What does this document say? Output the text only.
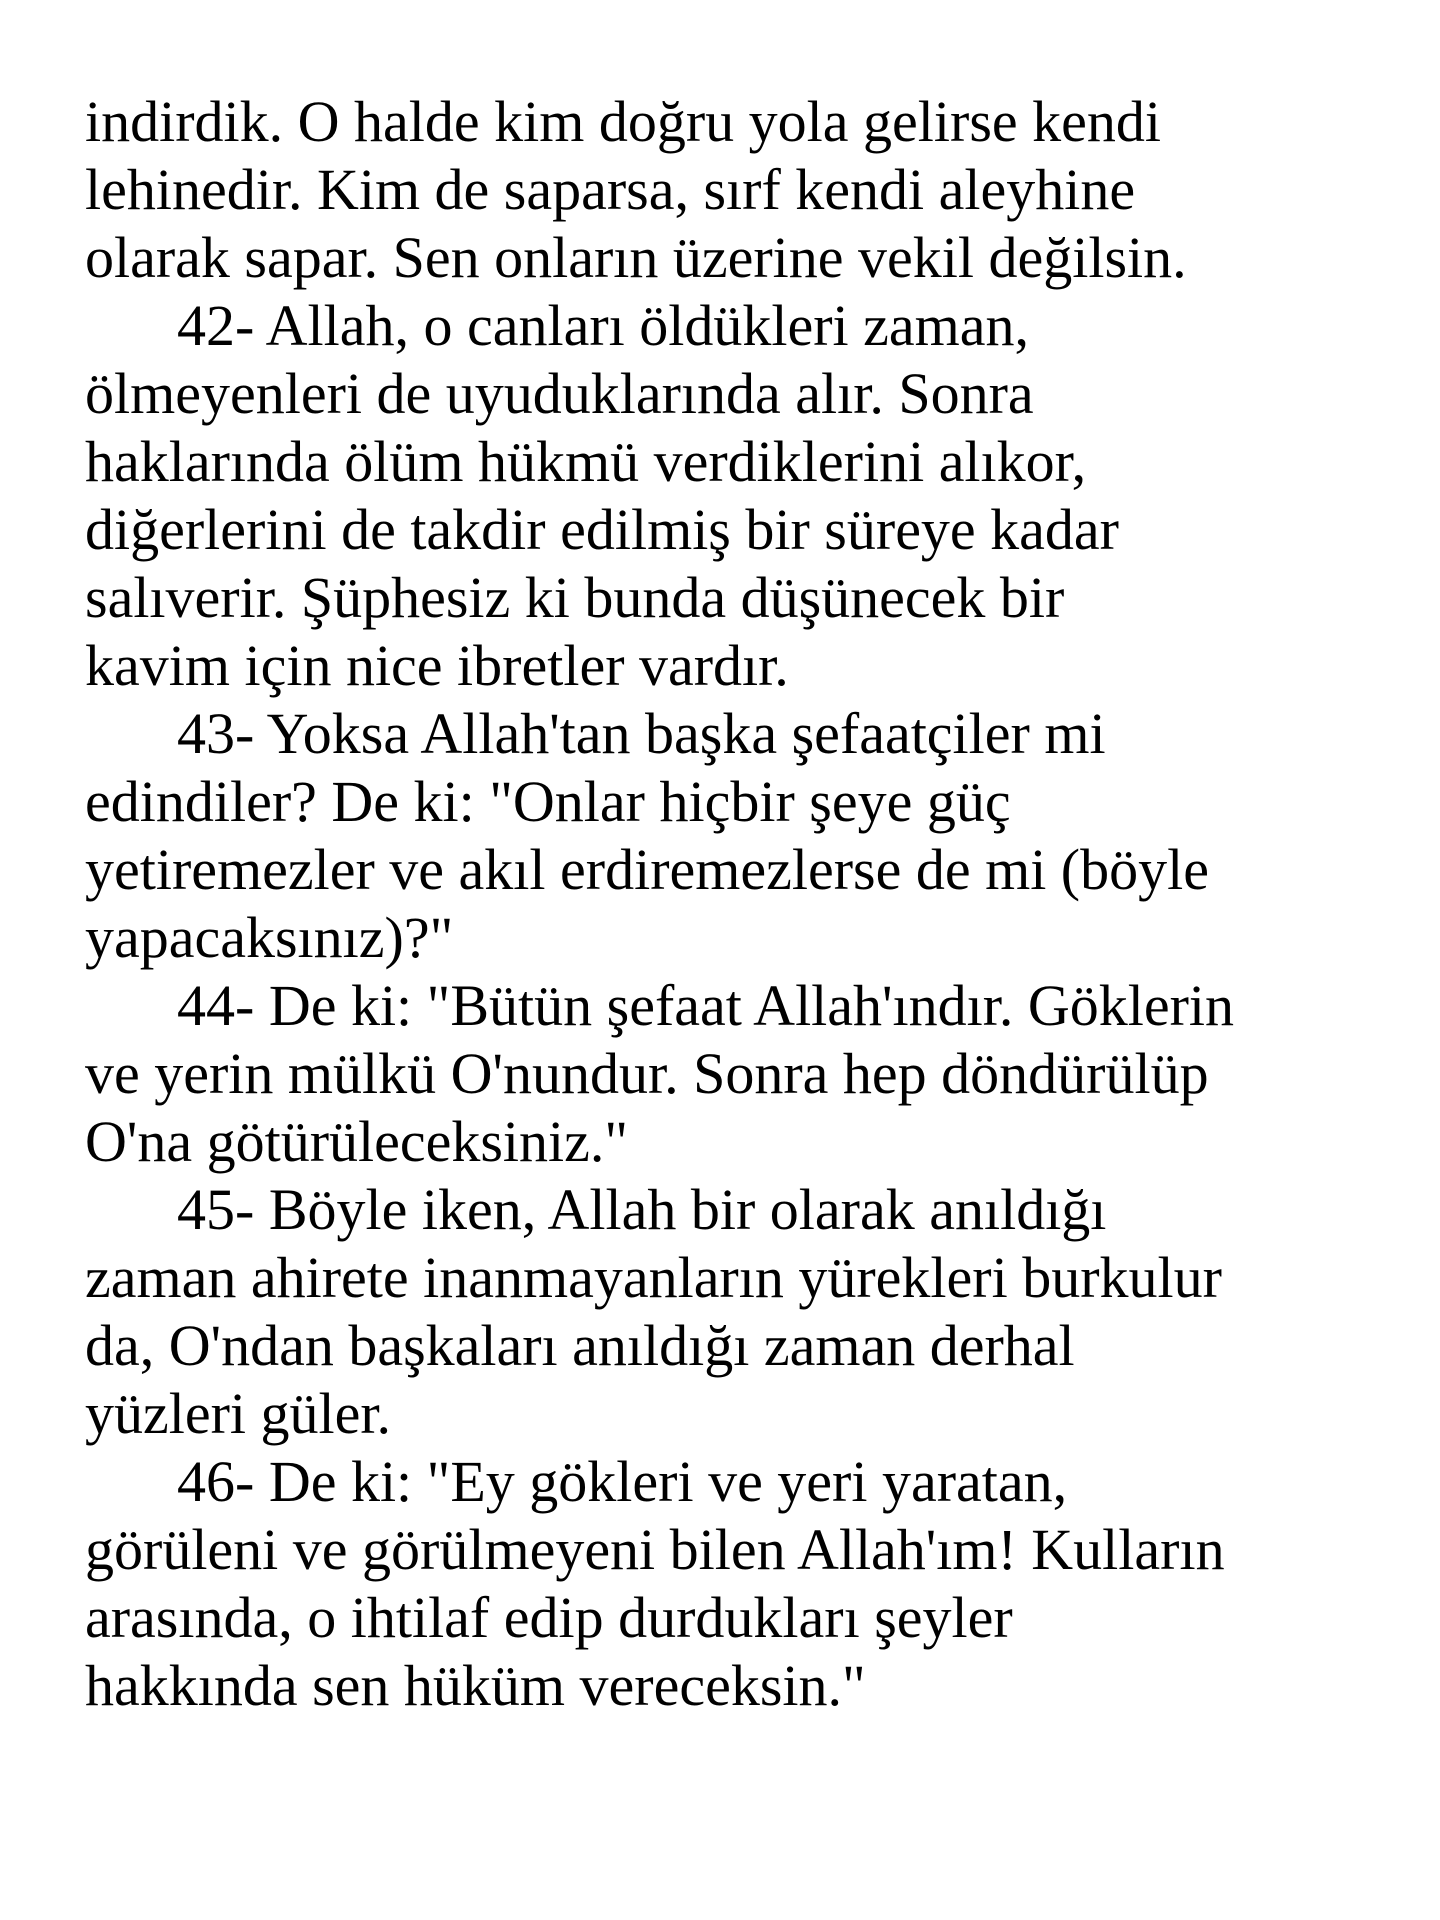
indirdik. O halde kim doğru yola gelirse kendi
lehinedir. Kim de saparsa, sırf kendi aleyhine
olarak sapar. Sen onların üzerine vekil değilsin.
42- Allah, o canları öldükleri zaman,
ölmeyenleri de uyuduklarında alır. Sonra
haklarında ölüm hükmü verdiklerini alıkor,
diğerlerini de takdir edilmiş bir süreye kadar
salıverir. Şüphesiz ki bunda düşünecek bir
kavim için nice ibretler vardır.
43- Yoksa Allah'tan başka şefaatçiler mi
edindiler? De ki: "Onlar hiçbir şeye güç
yetiremezler ve akıl erdiremezlerse de mi (böyle
yapacaksınız)?"
44- De ki: "Bütün şefaat Allah'ındır. Göklerin
ve yerin mülkü O'nundur. Sonra hep döndürülüp
O'na götürüleceksiniz."
45- Böyle iken, Allah bir olarak anıldığı
zaman ahirete inanmayanların yürekleri burkulur
da, O'ndan başkaları anıldığı zaman derhal
yüzleri güler.
46- De ki: "Ey gökleri ve yeri yaratan,
görüleni ve görülmeyeni bilen Allah'ım! Kulların
arasında, o ihtilaf edip durdukları şeyler
hakkında sen hüküm vereceksin."
